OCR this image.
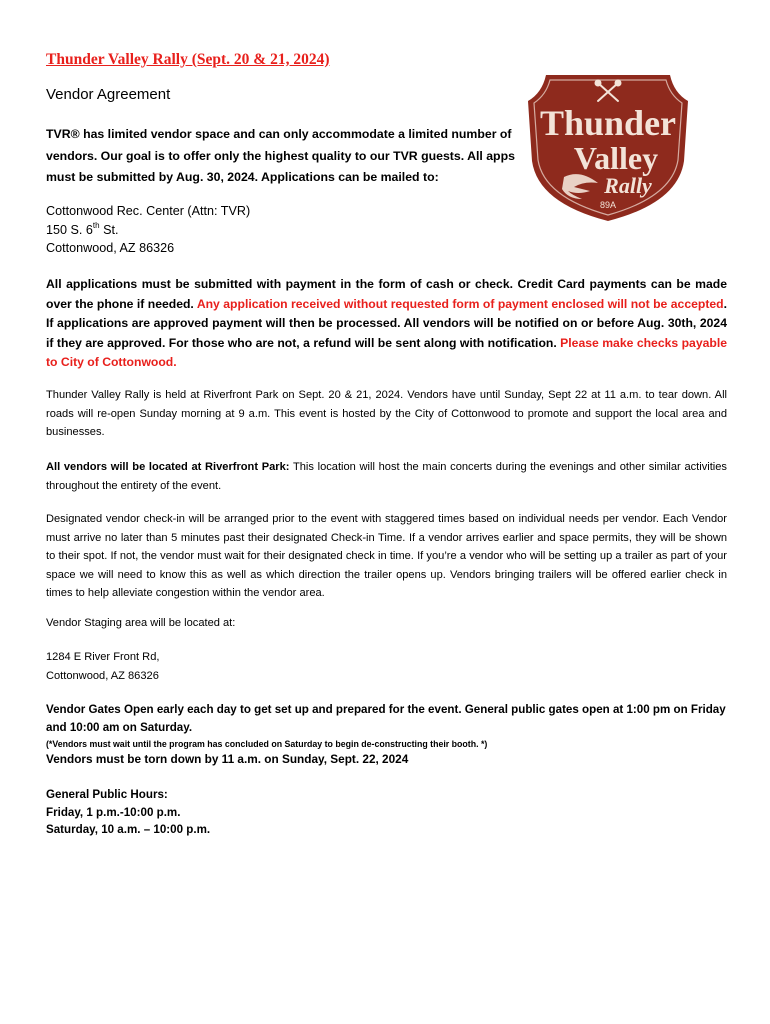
Thunder Valley Rally (Sept. 20 & 21, 2024)
Vendor Agreement
TVR® has limited vendor space and can only accommodate a limited number of vendors. Our goal is to offer only the highest quality to our TVR guests. All apps must be submitted by Aug. 30, 2024. Applications can be mailed to:
Cottonwood Rec. Center (Attn: TVR)
150 S. 6th St.
Cottonwood, AZ 86326
Thunder
Valley
Rally
89A
All applications must be submitted with payment in the form of cash or check. Credit Card payments can be made over the phone if needed. Any application received without requested form of payment enclosed will not be accepted. If applications are approved payment will then be processed. All vendors will be notified on or before Aug. 30th, 2024 if they are approved. For those who are not, a refund will be sent along with notification. Please make checks payable to City of Cottonwood.
Thunder Valley Rally is held at Riverfront Park on Sept. 20 & 21, 2024. Vendors have until Sunday, Sept 22 at 11 a.m. to tear down. All roads will re-open Sunday morning at 9 a.m. This event is hosted by the City of Cottonwood to promote and support the local area and businesses.
All vendors will be located at Riverfront Park: This location will host the main concerts during the evenings and other similar activities throughout the entirety of the event.
Designated vendor check-in will be arranged prior to the event with staggered times based on individual needs per vendor. Each Vendor must arrive no later than 5 minutes past their designated Check-in Time. If a vendor arrives earlier and space permits, they will be shown to their spot. If not, the vendor must wait for their designated check in time. If you’re a vendor who will be setting up a trailer as part of your space we will need to know this as well as which direction the trailer opens up. Vendors bringing trailers will be offered earlier check in times to help alleviate congestion within the vendor area.
Vendor Staging area will be located at:
1284 E River Front Rd,
Cottonwood, AZ 86326
Vendor Gates Open early each day to get set up and prepared for the event. General public gates open at 1:00 pm on Friday and 10:00 am on Saturday.
(*Vendors must wait until the program has concluded on Saturday to begin de-constructing their booth. *)
Vendors must be torn down by 11 a.m. on Sunday, Sept. 22, 2024
General Public Hours:
Friday, 1 p.m.-10:00 p.m.
Saturday, 10 a.m. – 10:00 p.m.
